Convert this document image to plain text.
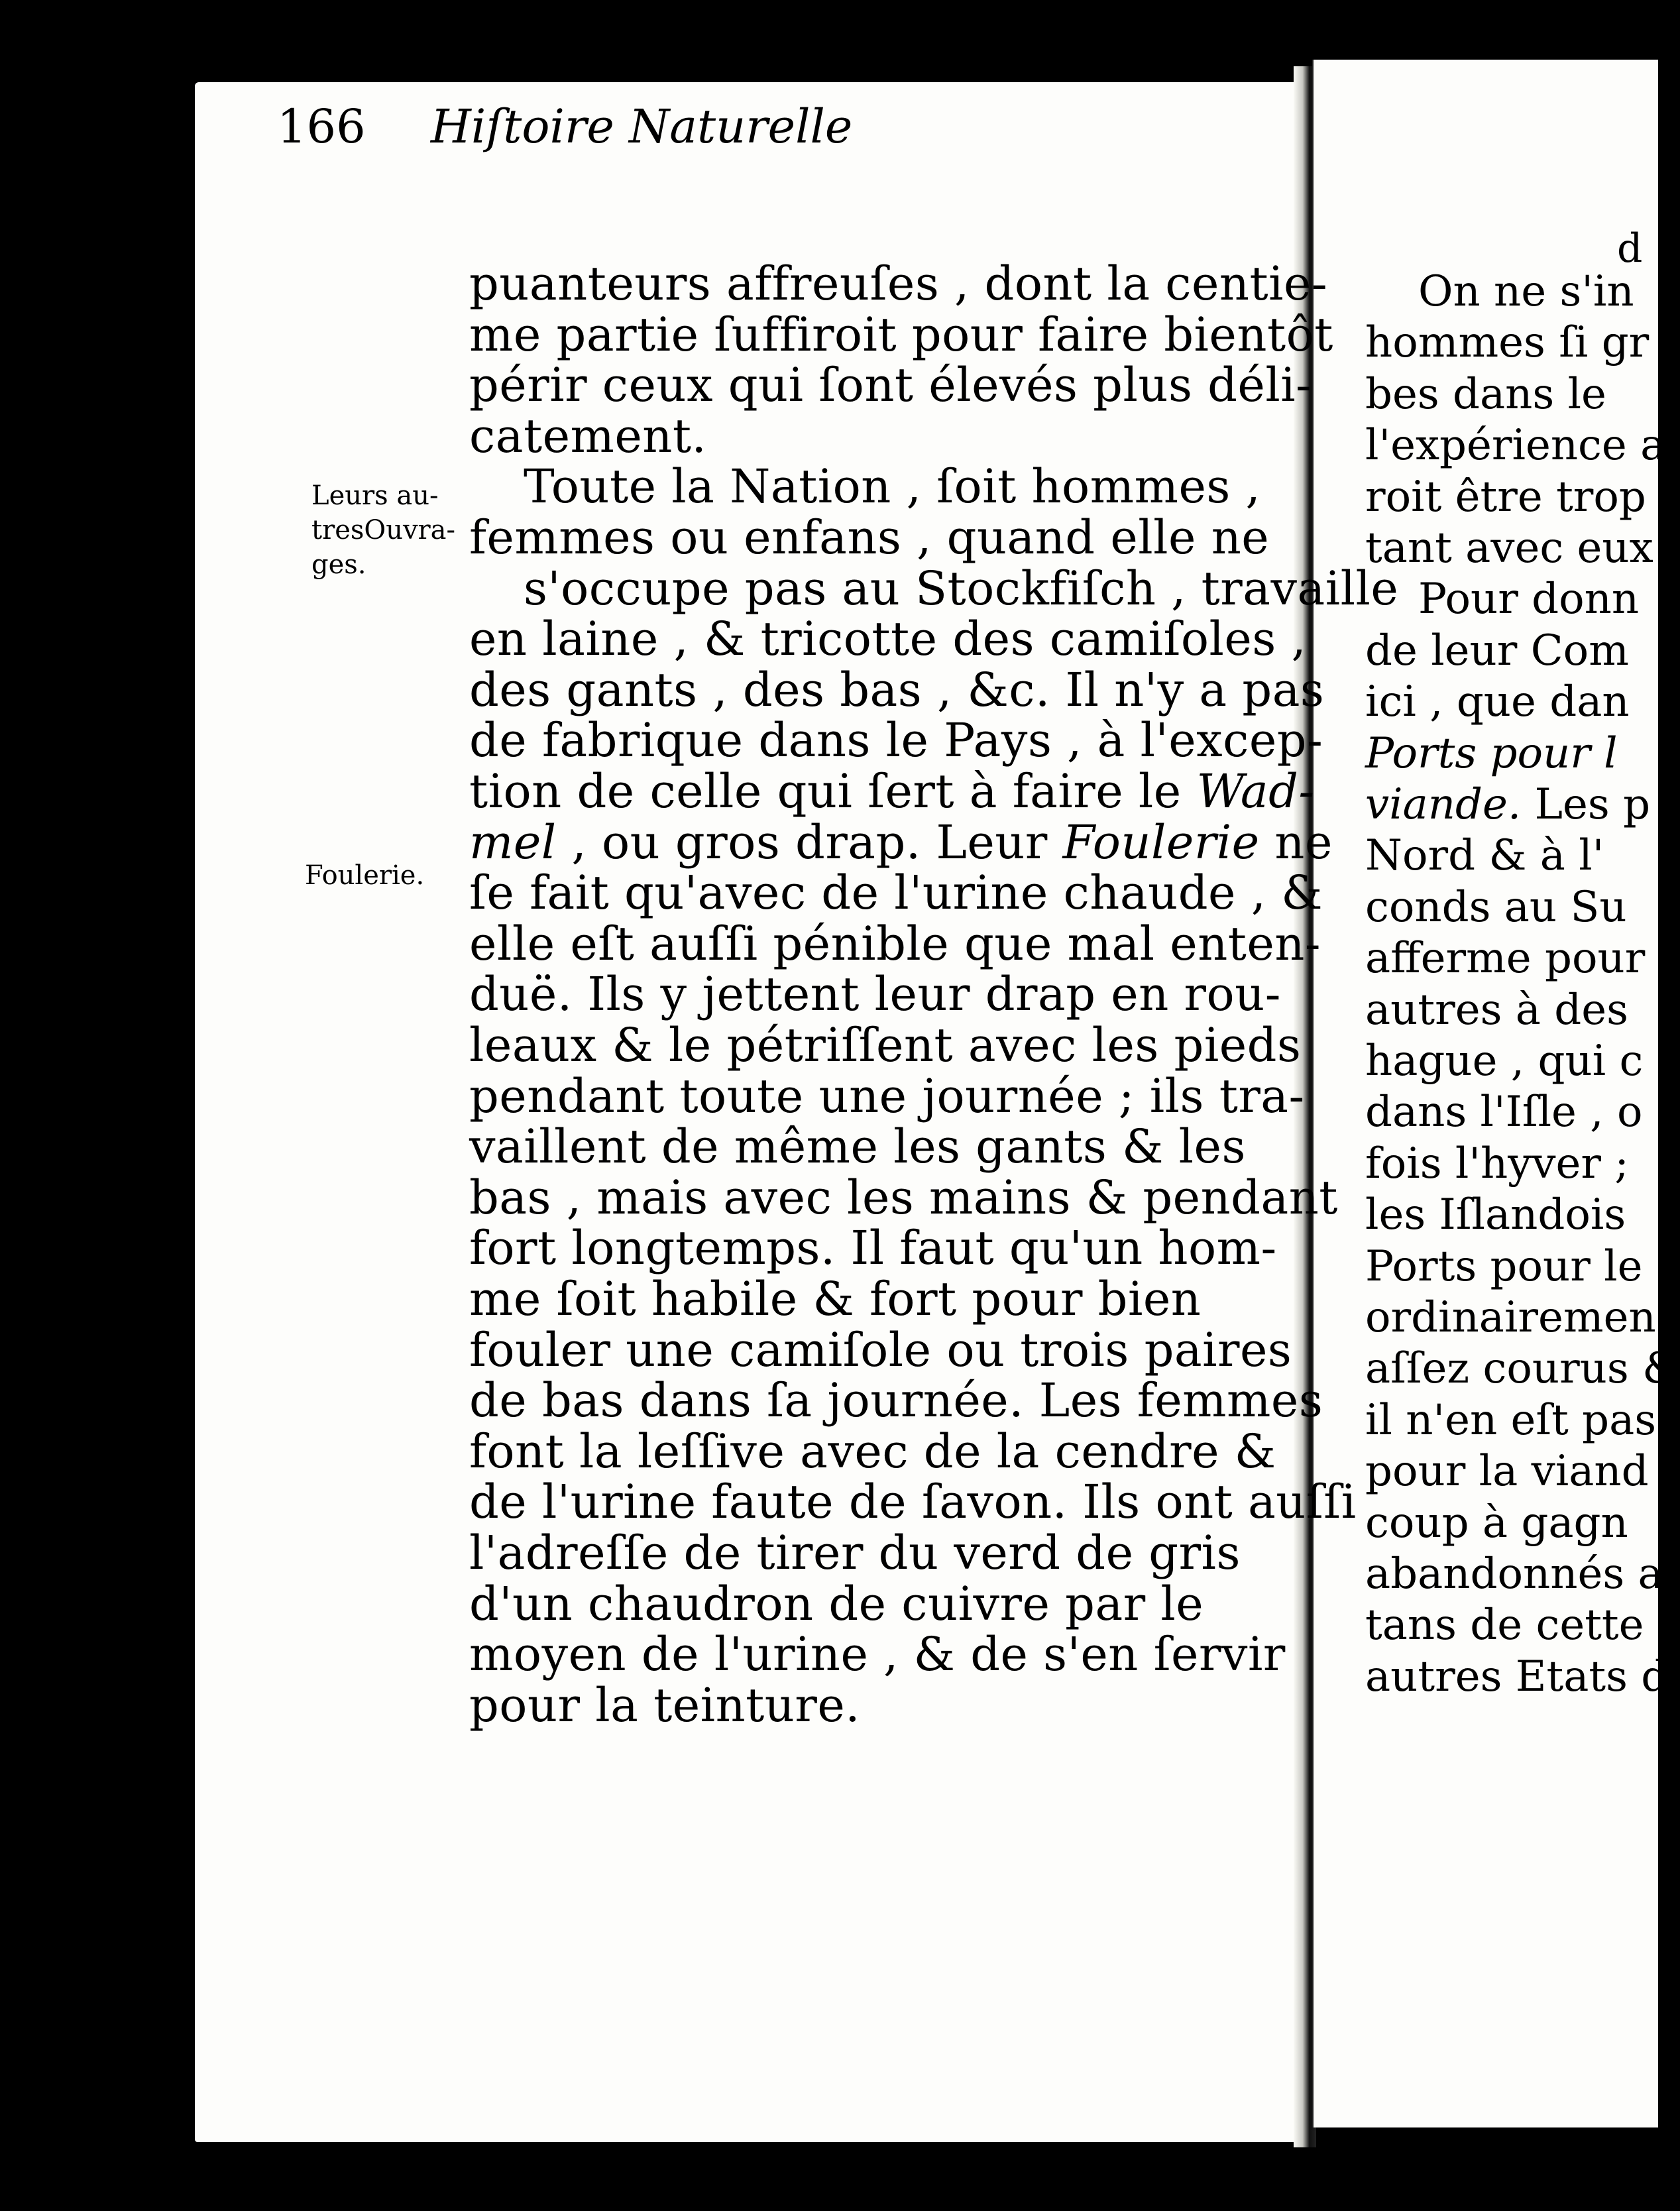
166 Hiſtoire Naturelle
Leurs au-
tresOuvra-
ges.
Foulerie.
puanteurs affreuſes , dont la centie-
me partie ſuffiroit pour faire bientôt
périr ceux qui ſont élevés plus déli-
catement.
Toute la Nation , ſoit hommes ,
femmes ou enfans , quand elle ne
s'occupe pas au Stockfiſch , travaille
en laine , & tricotte des camiſoles ,
des gants , des bas , &c. Il n'y a pas
de fabrique dans le Pays , à l'excep-
tion de celle qui ſert à faire le Wad-
mel , ou gros drap. Leur Foulerie ne
ſe fait qu'avec de l'urine chaude , &
elle eſt auſſi pénible que mal enten-
duë. Ils y jettent leur drap en rou-
leaux & le pétriſſent avec les pieds
pendant toute une journée ; ils tra-
vaillent de même les gants & les
bas , mais avec les mains & pendant
fort longtemps. Il faut qu'un hom-
me ſoit habile & fort pour bien
fouler une camiſole ou trois paires
de bas dans ſa journée. Les femmes
font la leſſive avec de la cendre &
de l'urine faute de ſavon. Ils ont auſſi
l'adreſſe de tirer du verd de gris
d'un chaudron de cuivre par le
moyen de l'urine , & de s'en ſervir
pour la teinture.
On ne s'in
hommes ſi gr
bes dans le
l'expérience a
roit être trop
tant avec eux
Pour donn
de leur Com
ici , que dan
Ports pour l
viande. Les p
Nord & à l'
conds au Su
afferme pour
autres à des
hague , qui c
dans l'Iſle , o
fois l'hyver ;
les Iſlandois
Ports pour le
ordinairemen
aſſez courus &
il n'en eſt pas
pour la viand
coup à gagn
abandonnés a
tans de cette
autres Etats d
d
